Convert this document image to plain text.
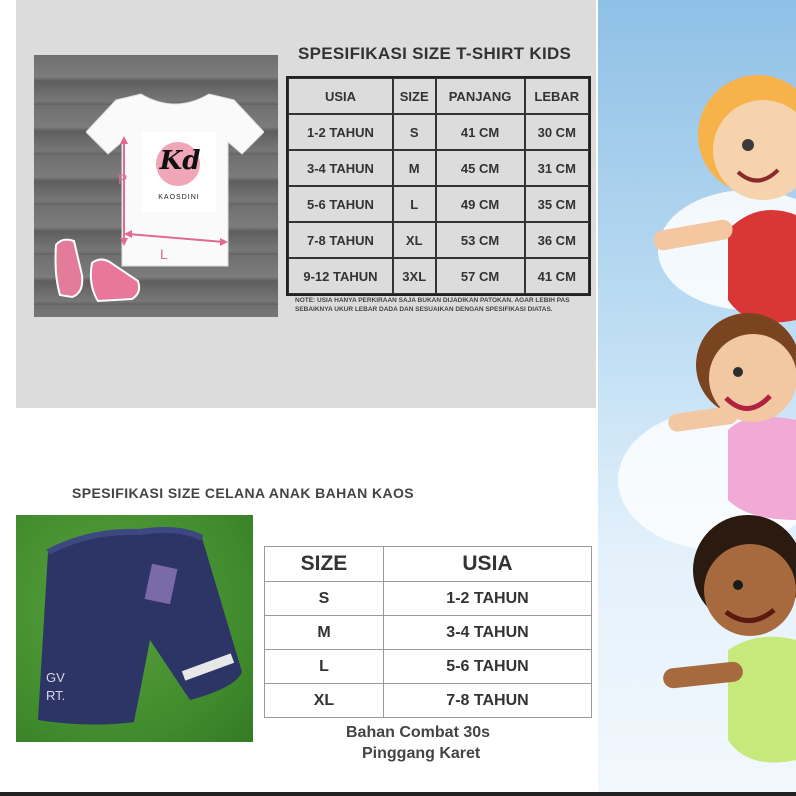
Kd
KAOSDINI
P
L
SPESIFIKASI SIZE T-SHIRT KIDS
USIA	SIZE	PANJANG	LEBAR
1-2 TAHUN	S	41 CM	30 CM
3-4 TAHUN	M	45 CM	31 CM
5-6 TAHUN	L	49 CM	35 CM
7-8 TAHUN	XL	53 CM	36 CM
9-12 TAHUN	3XL	57 CM	41 CM
NOTE: USIA HANYA PERKIRAAN SAJA BUKAN DIJADIKAN PATOKAN. AGAR LEBIH PAS SEBAIKNYA UKUR LEBAR DADA DAN SESUAIKAN DENGAN SPESIFIKASI DIATAS.
SPESIFIKASI SIZE CELANA ANAK BAHAN KAOS
GV
RT.
SIZE	USIA
S	1-2 TAHUN
M	3-4 TAHUN
L	5-6 TAHUN
XL	7-8 TAHUN
Bahan Combat 30s
Pinggang Karet
